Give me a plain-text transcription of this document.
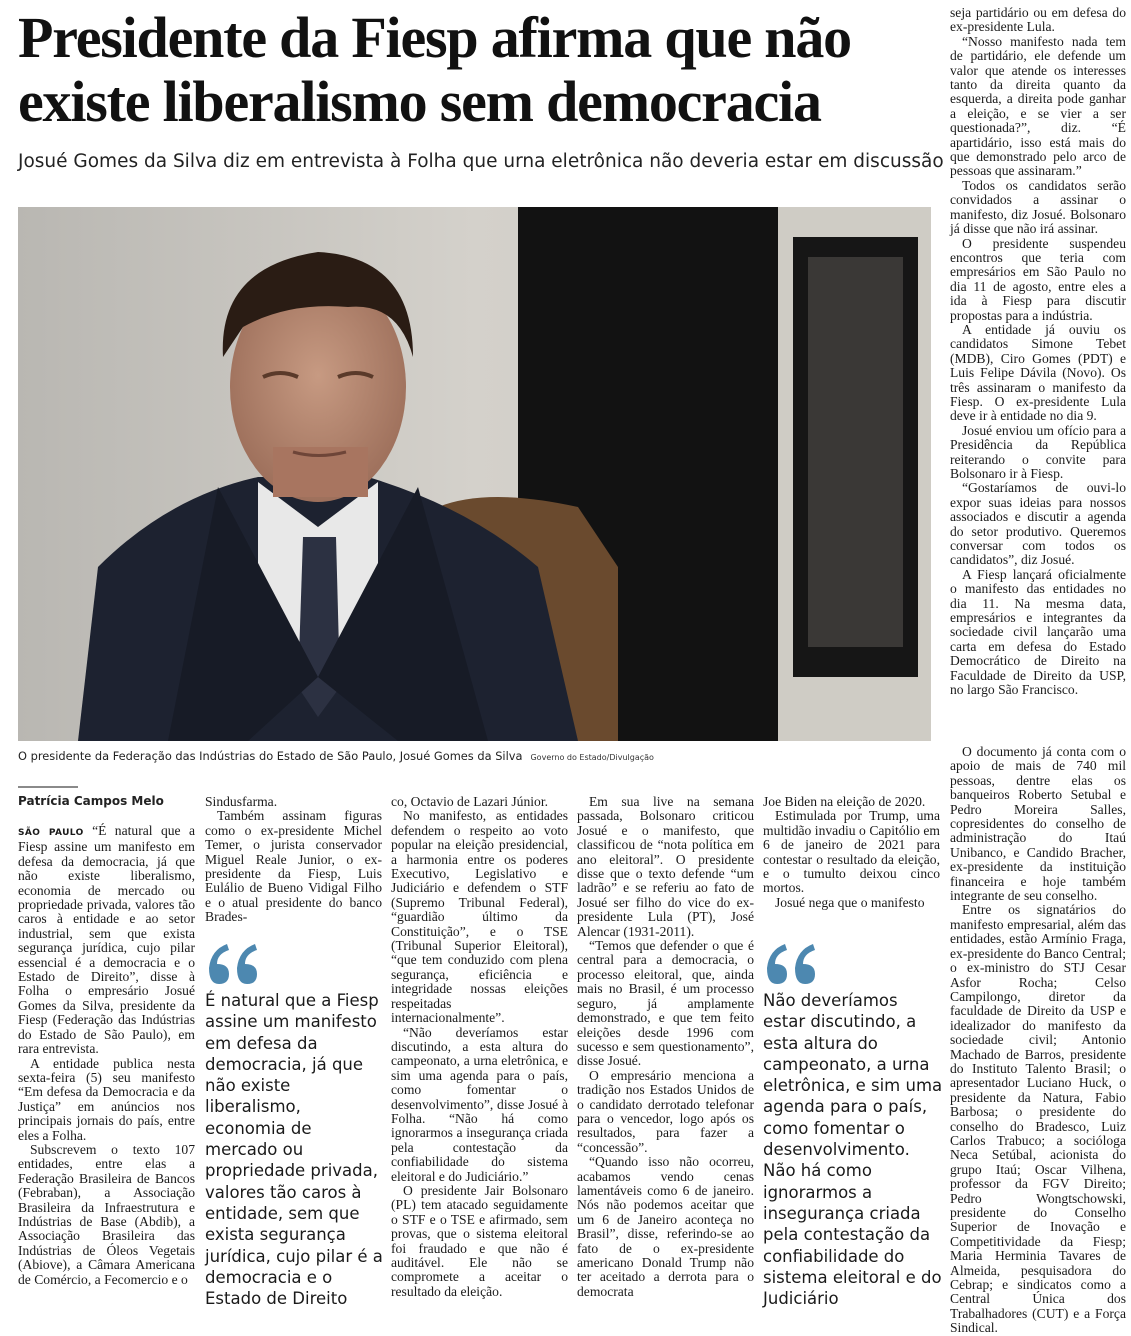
Presidente da Fiesp afirma que não existe liberalismo sem democracia

Josué Gomes da Silva diz em entrevista à Folha que urna eletrônica não deveria estar em discussão

O presidente da Federação das Indústrias do Estado de São Paulo, Josué Gomes da Silva Governo do Estado/Divulgação
Patrícia Campos Melo

SÃO PAULO “É natural que a Fiesp assine um manifesto em defesa da democracia, já que não existe liberalismo, economia de mercado ou propriedade privada, valores tão caros à entidade e ao setor industrial, sem que exista segurança jurídica, cujo pilar essencial é a democracia e o Estado de Direito”, disse à Folha o empresário Josué Gomes da Silva, presidente da Fiesp (Federação das Indústrias do Estado de São Paulo), em rara entrevista.

A entidade publica nesta sexta-feira (5) seu manifesto “Em defesa da Democracia e da Justiça” em anúncios nos principais jornais do país, entre eles a Folha.

Subscrevem o texto 107 entidades, entre elas a Federação Brasileira de Bancos (Febraban), a Associação Brasileira da Infraestrutura e Indústrias de Base (Abdib), a Associação Brasileira das Indústrias de Óleos Vegetais (Abiove), a Câmara Americana de Comércio, a Fecomercio e o

Sindusfarma.

Também assinam figuras como o ex-presidente Michel Temer, o jurista conservador Miguel Reale Junior, o ex-presidente da Fiesp, Luis Eulálio de Bueno Vidigal Filho e o atual presidente do banco Brades-

É natural que a Fiesp assine um manifesto em defesa da democracia, já que não existe liberalismo, economia de mercado ou propriedade privada, valores tão caros à entidade, sem que exista segurança jurídica, cujo pilar é a democracia e o Estado de Direito

co, Octavio de Lazari Júnior.

No manifesto, as entidades defendem o respeito ao voto popular na eleição presidencial, a harmonia entre os poderes Executivo, Legislativo e Judiciário e defendem o STF (Supremo Tribunal Federal), “guardião último da Constituição”, e o TSE (Tribunal Superior Eleitoral), “que tem conduzido com plena segurança, eficiência e integridade nossas eleições respeitadas internacionalmente”.

“Não deveríamos estar discutindo, a esta altura do campeonato, a urna eletrônica, e sim uma agenda para o país, como fomentar o desenvolvimento”, disse Josué à Folha. “Não há como ignorarmos a insegurança criada pela contestação da confiabilidade do sistema eleitoral e do Judiciário.”

O presidente Jair Bolsonaro (PL) tem atacado seguidamente o STF e o TSE e afirmado, sem provas, que o sistema eleitoral foi fraudado e que não é auditável. Ele não se compromete a aceitar o resultado da eleição.

Em sua live na semana passada, Bolsonaro criticou Josué e o manifesto, que classificou de “nota política em ano eleitoral”. O presidente disse que o texto defende “um ladrão” e se referiu ao fato de Josué ser filho do vice do ex-presidente Lula (PT), José Alencar (1931-2011).

“Temos que defender o que é central para a democracia, o processo eleitoral, que, ainda mais no Brasil, é um processo seguro, já amplamente demonstrado, e que tem feito eleições desde 1996 com sucesso e sem questionamento”, disse Josué.

O empresário menciona a tradição nos Estados Unidos de o candidato derrotado telefonar para o vencedor, logo após os resultados, para fazer a “concessão”.

“Quando isso não ocorreu, acabamos vendo cenas lamentáveis como 6 de janeiro. Nós não podemos aceitar que um 6 de Janeiro aconteça no Brasil”, disse, referindo-se ao fato de o ex-presidente americano Donald Trump não ter aceitado a derrota para o democrata

Joe Biden na eleição de 2020.

Estimulada por Trump, uma multidão invadiu o Capitólio em 6 de janeiro de 2021 para contestar o resultado da eleição, e o tumulto deixou cinco mortos.

Josué nega que o manifesto

Não deveríamos estar discutindo, a esta altura do campeonato, a urna eletrônica, e sim uma agenda para o país, como fomentar o desenvolvimento. Não há como ignorarmos a insegurança criada pela contestação da confiabilidade do sistema eleitoral e do Judiciário

seja partidário ou em defesa do ex-presidente Lula.

“Nosso manifesto nada tem de partidário, ele defende um valor que atende os interesses tanto da direita quanto da esquerda, a direita pode ganhar a eleição, e se vier a ser questionada?”, diz. “É apartidário, isso está mais do que demonstrado pelo arco de pessoas que assinaram.”

Todos os candidatos serão convidados a assinar o manifesto, diz Josué. Bolsonaro já disse que não irá assinar.

O presidente suspendeu encontros que teria com empresários em São Paulo no dia 11 de agosto, entre eles a ida à Fiesp para discutir propostas para a indústria.

A entidade já ouviu os candidatos Simone Tebet (MDB), Ciro Gomes (PDT) e Luis Felipe Dávila (Novo). Os três assinaram o manifesto da Fiesp. O ex-presidente Lula deve ir à entidade no dia 9.

Josué enviou um ofício para a Presidência da República reiterando o convite para Bolsonaro ir à Fiesp.

“Gostaríamos de ouvi-lo expor suas ideias para nossos associados e discutir a agenda do setor produtivo. Queremos conversar com todos os candidatos”, diz Josué.

A Fiesp lançará oficialmente o manifesto das entidades no dia 11. Na mesma data, empresários e integrantes da sociedade civil lançarão uma carta em defesa do Estado Democrático de Direito na Faculdade de Direito da USP, no largo São Francisco.

O documento já conta com o apoio de mais de 740 mil pessoas, dentre elas os banqueiros Roberto Setubal e Pedro Moreira Salles, copresidentes do conselho de administração do Itaú Unibanco, e Candido Bracher, ex-presidente da instituição financeira e hoje também integrante de seu conselho.

Entre os signatários do manifesto empresarial, além das entidades, estão Armínio Fraga, ex-presidente do Banco Central; o ex-ministro do STJ Cesar Asfor Rocha; Celso Campilongo, diretor da faculdade de Direito da USP e idealizador do manifesto da sociedade civil; Antonio Machado de Barros, presidente do Instituto Talento Brasil; o apresentador Luciano Huck, o presidente da Natura, Fabio Barbosa; o presidente do conselho do Bradesco, Luiz Carlos Trabuco; a socióloga Neca Setúbal, acionista do grupo Itaú; Oscar Vilhena, professor da FGV Direito; Pedro Wongtschowski, presidente do Conselho Superior de Inovação e Competitividade da Fiesp; Maria Herminia Tavares de Almeida, pesquisadora do Cebrap; e sindicatos como a Central Única dos Trabalhadores (CUT) e a Força Sindical.
